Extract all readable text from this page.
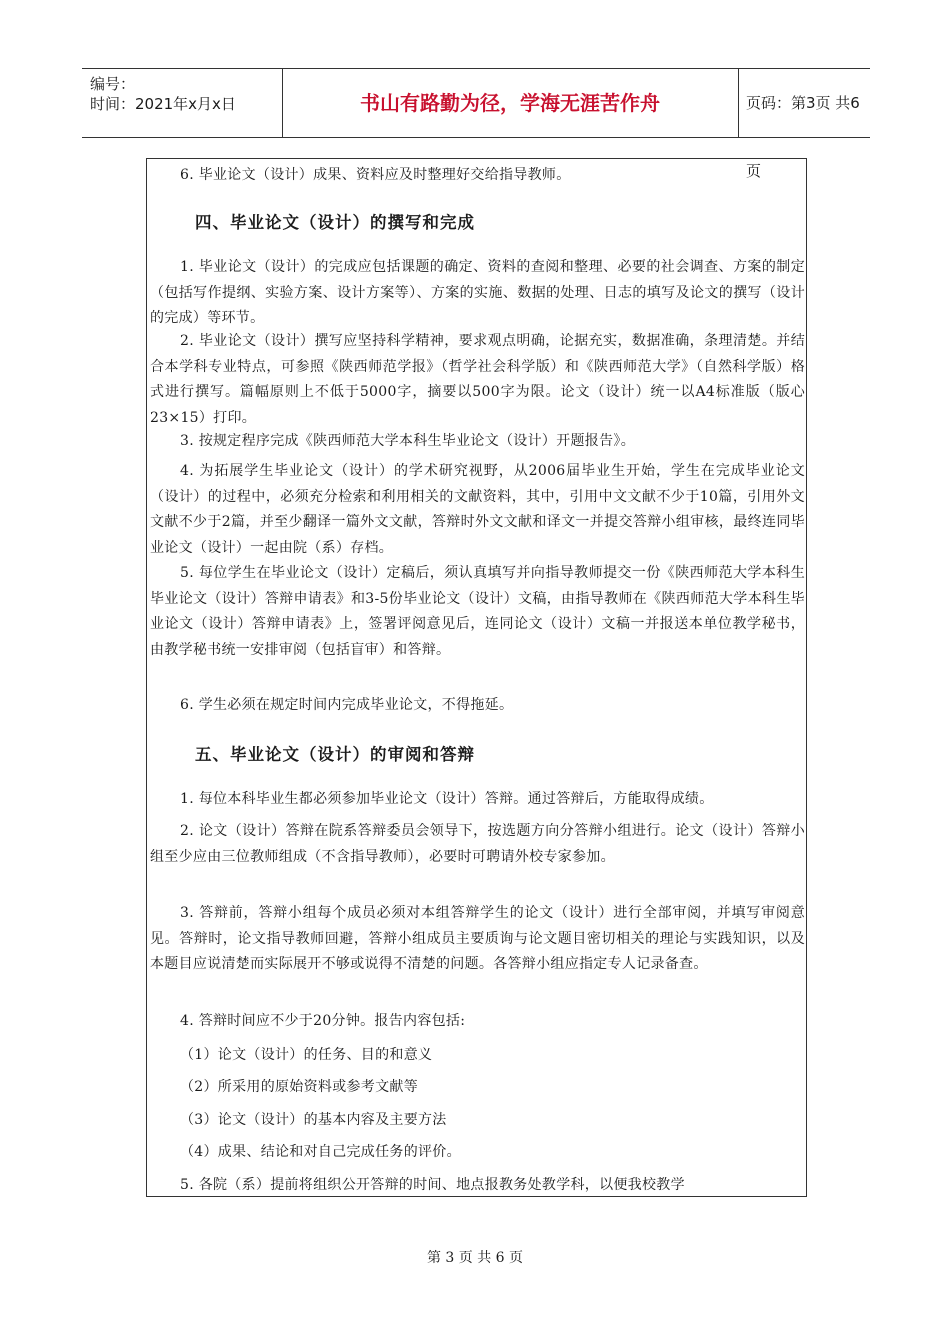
编号：
时间：2021年x月x日	书山有路勤为径，学海无涯苦作舟	页码：第3页 共6页

6. 毕业论文（设计）成果、资料应及时整理好交给指导教师。

四、毕业论文（设计）的撰写和完成

1. 毕业论文（设计）的完成应包括课题的确定、资料的查阅和整理、必要的社会调查、方案的制定（包括写作提纲、实验方案、设计方案等）、方案的实施、数据的处理、日志的填写及论文的撰写（设计的完成）等环节。

2. 毕业论文（设计）撰写应坚持科学精神，要求观点明确，论据充实，数据准确，条理清楚。并结合本学科专业特点，可参照《陕西师范学报》（哲学社会科学版）和《陕西师范大学》（自然科学版）格式进行撰写。篇幅原则上不低于5000字，摘要以500字为限。论文（设计）统一以A4标准版（版心23×15）打印。

3. 按规定程序完成《陕西师范大学本科生毕业论文（设计）开题报告》。

4. 为拓展学生毕业论文（设计）的学术研究视野，从2006届毕业生开始，学生在完成毕业论文（设计）的过程中，必须充分检索和利用相关的文献资料，其中，引用中文文献不少于10篇，引用外文文献不少于2篇，并至少翻译一篇外文文献，答辩时外文文献和译文一并提交答辩小组审核，最终连同毕业论文（设计）一起由院（系）存档。

5. 每位学生在毕业论文（设计）定稿后，须认真填写并向指导教师提交一份《陕西师范大学本科生毕业论文（设计）答辩申请表》和3-5份毕业论文（设计）文稿，由指导教师在《陕西师范大学本科生毕业论文（设计）答辩申请表》上，签署评阅意见后，连同论文（设计）文稿一并报送本单位教学秘书，由教学秘书统一安排审阅（包括盲审）和答辩。

6. 学生必须在规定时间内完成毕业论文，不得拖延。

五、毕业论文（设计）的审阅和答辩

1. 每位本科毕业生都必须参加毕业论文（设计）答辩。通过答辩后，方能取得成绩。

2. 论文（设计）答辩在院系答辩委员会领导下，按选题方向分答辩小组进行。论文（设计）答辩小组至少应由三位教师组成（不含指导教师），必要时可聘请外校专家参加。

3. 答辩前，答辩小组每个成员必须对本组答辩学生的论文（设计）进行全部审阅，并填写审阅意见。答辩时，论文指导教师回避，答辩小组成员主要质询与论文题目密切相关的理论与实践知识，以及本题目应说清楚而实际展开不够或说得不清楚的问题。各答辩小组应指定专人记录备查。

4. 答辩时间应不少于20分钟。报告内容包括:

（1）论文（设计）的任务、目的和意义

（2）所采用的原始资料或参考文献等

（3）论文（设计）的基本内容及主要方法

（4）成果、结论和对自己完成任务的评价。

5. 各院（系）提前将组织公开答辩的时间、地点报教务处教学科，以便我校教学

第 3 页 共 6 页
